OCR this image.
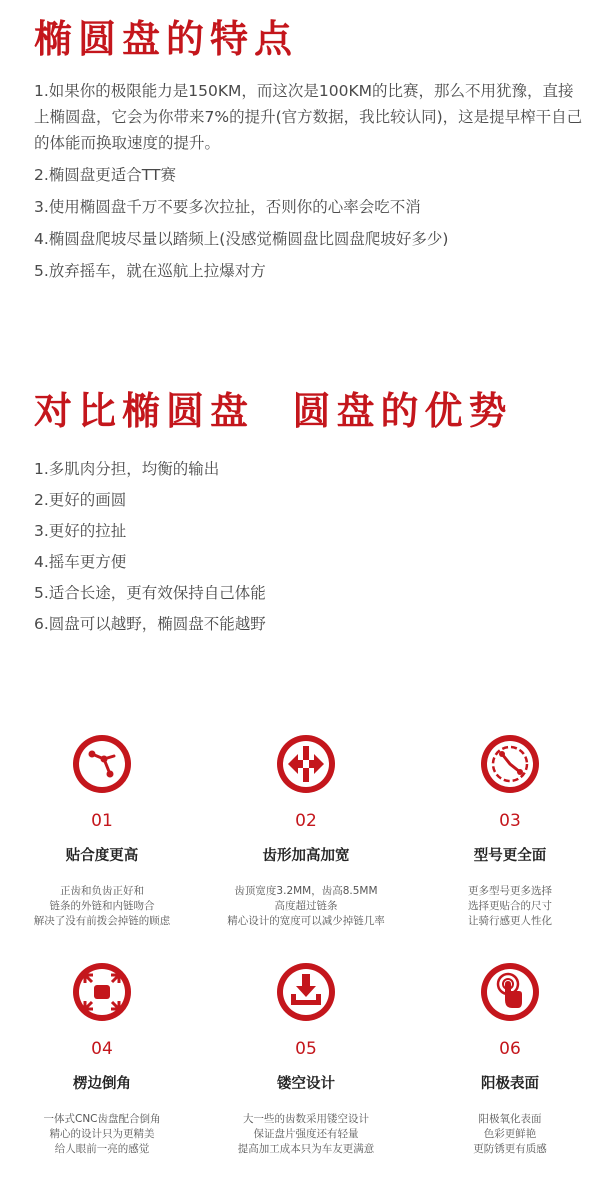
椭圆盘的特点
1.如果你的极限能力是150KM，而这次是100KM的比赛，那么不用犹豫，直接上椭圆盘，它会为你带来7%的提升(官方数据，我比较认同)，这是提早榨干自己的体能而换取速度的提升。
2.椭圆盘更适合TT赛
3.使用椭圆盘千万不要多次拉扯，否则你的心率会吃不消
4.椭圆盘爬坡尽量以踏频上(没感觉椭圆盘比圆盘爬坡好多少)
5.放弃摇车，就在巡航上拉爆对方
对比椭圆盘  圆盘的优势
1.多肌肉分担，均衡的输出
2.更好的画圆
3.更好的拉扯
4.摇车更方便
5.适合长途，更有效保持自己体能
6.圆盘可以越野，椭圆盘不能越野
01
贴合度更高
正齿和负齿正好和
链条的外链和内链吻合
解决了没有前拨会掉链的顾虑
02
齿形加高加宽
齿顶宽度3.2MM，齿高8.5MM
高度超过链条
精心设计的宽度可以减少掉链几率
03
型号更全面
更多型号更多选择
选择更贴合的尺寸
让骑行感更人性化
04
楞边倒角
一体式CNC齿盘配合倒角
精心的设计只为更精美
给人眼前一亮的感觉
05
镂空设计
大一些的齿数采用镂空设计
保证盘片强度还有轻量
提高加工成本只为车友更满意
06
阳极表面
阳极氧化表面
色彩更鲜艳
更防锈更有质感
